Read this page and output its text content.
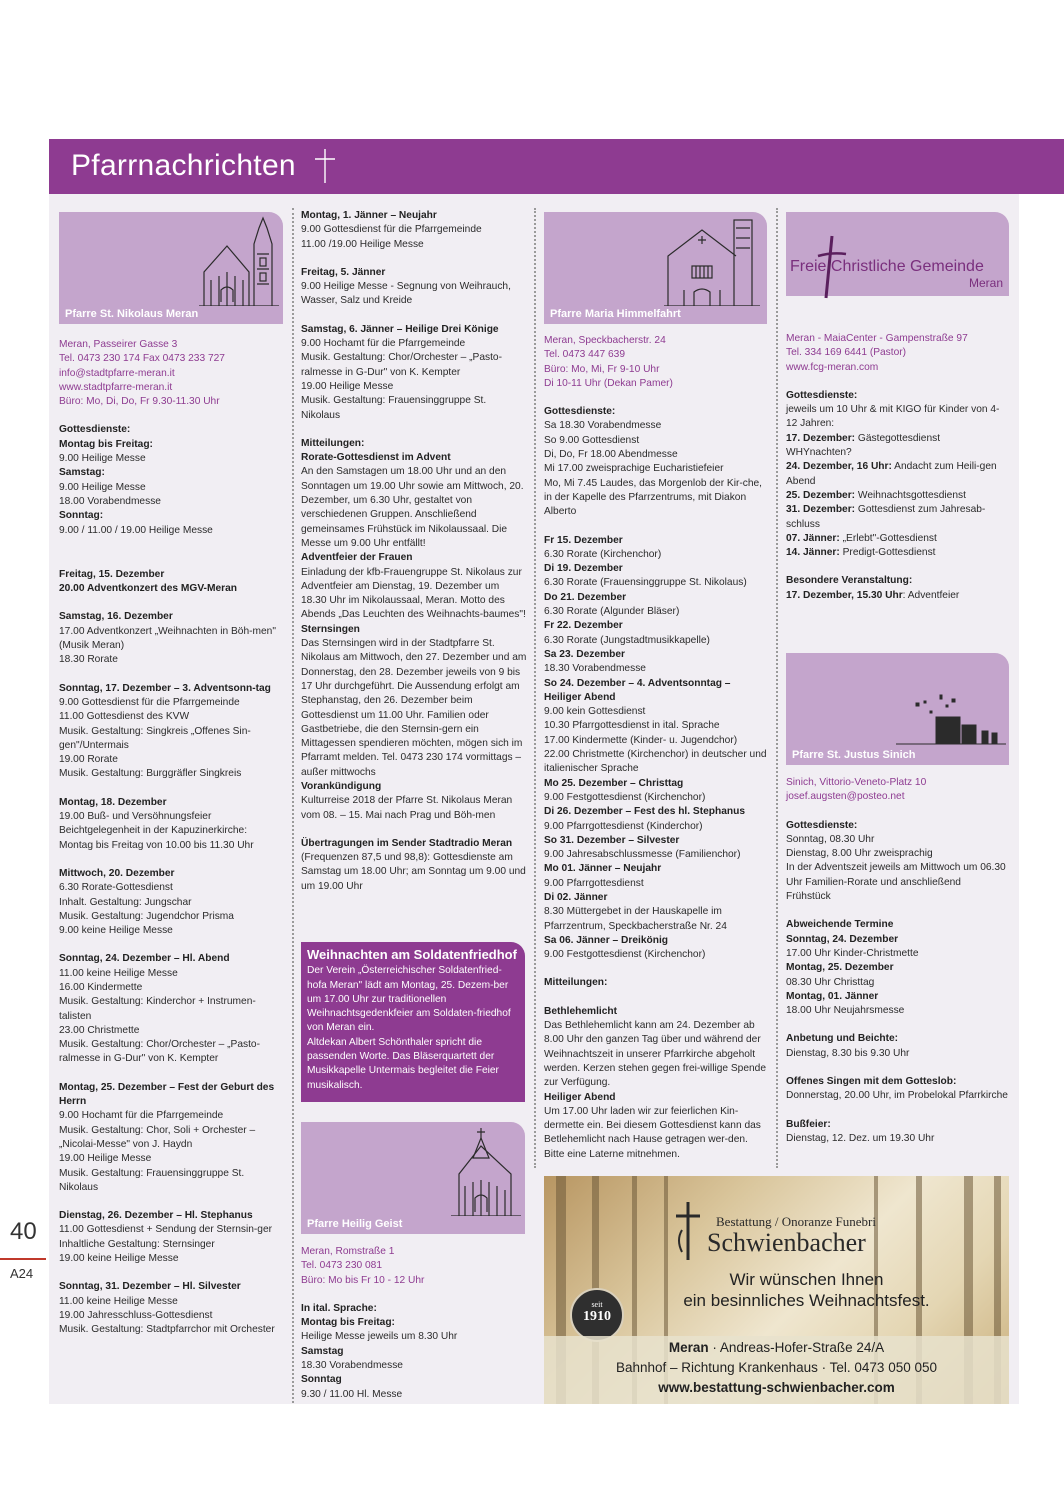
Pfarrnachrichten
Pfarre St. Nikolaus Meran

Meran, Passeirer Gasse 3

Tel. 0473 230 174 Fax 0473 233 727

info@stadtpfarre-meran.it

www.stadtpfarre-meran.it

Büro: Mo, Di, Do, Fr 9.30-11.30 Uhr

Gottesdienste:

Montag bis Freitag:

9.00 Heilige Messe

Samstag:

9.00 Heilige Messe
18.00 Vorabendmesse

Sonntag:

9.00 / 11.00 / 19.00 Heilige Messe

Freitag, 15. Dezember
20.00 Adventkonzert des MGV-Meran

Samstag, 16. Dezember

17.00 Adventkonzert „Weihnachten in Böh-men" (Musik Meran)
18.30 Rorate

Sonntag, 17. Dezember – 3. Adventsonn-tag

9.00 Gottesdienst für die Pfarrgemeinde
11.00 Gottesdienst des KVW
Musik. Gestaltung: Singkreis „Offenes Sin-gen"/Untermais
19.00 Rorate
Musik. Gestaltung: Burggräfler Singkreis

Montag, 18. Dezember

19.00 Buß- und Versöhnungsfeier
Beichtgelegenheit in der Kapuzinerkirche: Montag bis Freitag von 10.00 bis 11.30 Uhr

Mittwoch, 20. Dezember

6.30 Rorate-Gottesdienst
Inhalt. Gestaltung: Jungschar
Musik. Gestaltung: Jugendchor Prisma
9.00 keine Heilige Messe

Sonntag, 24. Dezember – Hl. Abend

11.00 keine Heilige Messe
16.00 Kindermette
Musik. Gestaltung: Kinderchor + Instrumen-talisten
23.00 Christmette
Musik. Gestaltung: Chor/Orchester – „Pasto-ralmesse in G-Dur" von K. Kempter

Montag, 25. Dezember – Fest der Geburt des Herrn

9.00 Hochamt für die Pfarrgemeinde
Musik. Gestaltung: Chor, Soli + Orchester – „Nicolai-Messe" von J. Haydn
19.00 Heilige Messe
Musik. Gestaltung: Frauensinggruppe St. Nikolaus

Dienstag, 26. Dezember – Hl. Stephanus

11.00 Gottesdienst + Sendung der Sternsin-ger
Inhaltliche Gestaltung: Sternsinger
19.00 keine Heilige Messe

Sonntag, 31. Dezember – Hl. Silvester

11.00 keine Heilige Messe
19.00 Jahresschluss-Gottesdienst
Musik. Gestaltung: Stadtpfarrchor mit Orchester

Montag, 1. Jänner – Neujahr

9.00 Gottesdienst für die Pfarrgemeinde
11.00 /19.00 Heilige Messe

Freitag, 5. Jänner

9.00 Heilige Messe - Segnung von Weihrauch, Wasser, Salz und Kreide

Samstag, 6. Jänner – Heilige Drei Könige

9.00 Hochamt für die Pfarrgemeinde
Musik. Gestaltung: Chor/Orchester – „Pasto-ralmesse in G-Dur" von K. Kempter
19.00 Heilige Messe
Musik. Gestaltung: Frauensinggruppe St. Nikolaus

Mitteilungen:

Rorate-Gottesdienst im Advent

An den Samstagen um 18.00 Uhr und an den Sonntagen um 19.00 Uhr sowie am Mittwoch, 20. Dezember, um 6.30 Uhr, gestaltet von verschiedenen Gruppen. Anschließend gemeinsames Frühstück im Nikolaussaal. Die Messe um 9.00 Uhr entfällt!

Adventfeier der Frauen

Einladung der kfb-Frauengruppe St. Nikolaus zur Adventfeier am Dienstag, 19. Dezember um 18.30 Uhr im Nikolaussaal, Meran. Motto des Abends „Das Leuchten des Weihnachts-baumes"!

Sternsingen

Das Sternsingen wird in der Stadtpfarre St. Nikolaus am Mittwoch, den 27. Dezember und am Donnerstag, den 28. Dezember jeweils von 9 bis 17 Uhr durchgeführt. Die Aussendung erfolgt am Stephanstag, den 26. Dezember beim Gottesdienst um 11.00 Uhr. Familien oder Gastbetriebe, die den Sternsin-gern ein Mittagessen spendieren möchten, mögen sich im Pfarramt melden. Tel. 0473 230 174 vormittags – außer mittwochs

Vorankündigung

Kulturreise 2018 der Pfarre St. Nikolaus Meran vom 08. – 15. Mai nach Prag und Böh-men

Übertragungen im Sender Stadtradio Meran (Frequenzen 87,5 und 98,8): Gottesdienste am Samstag um 18.00 Uhr; am Sonntag um 9.00 und um 19.00 Uhr

Weihnachten am Soldatenfriedhof
Der Verein „Österreichischer Soldatenfried-hofa Meran" lädt am Montag, 25. Dezem-ber um 17.00 Uhr zur traditionellen Weihnachtsgedenkfeier am Soldaten-friedhof von Meran ein.
Altdekan Albert Schönthaler spricht die passenden Worte. Das Bläserquartett der Musikkapelle Untermais begleitet die Feier musikalisch.
Pfarre Heilig Geist

Meran, Romstraße 1

Tel. 0473 230 081

Büro: Mo bis Fr 10 - 12 Uhr

In ital. Sprache:
Montag bis Freitag:

Heilige Messe jeweils um 8.30 Uhr

Samstag

18.30 Vorabendmesse

Sonntag

9.30 / 11.00 Hl. Messe

Pfarre Maria Himmelfahrt

Meran, Speckbacherstr. 24

Tel. 0473 447 639

Büro: Mo, Mi, Fr 9-10 Uhr

Di 10-11 Uhr (Dekan Pamer)

Gottesdienste:

Sa 18.30 Vorabendmesse
So 9.00 Gottesdienst
Di, Do, Fr 18.00 Abendmesse
Mi 17.00 zweisprachige Eucharistiefeier
Mo, Mi 7.45 Laudes, das Morgenlob der Kir-che, in der Kapelle des Pfarrzentrums, mit Diakon Alberto

Fr 15. Dezember

6.30 Rorate (Kirchenchor)

Di 19. Dezember

6.30 Rorate (Frauensinggruppe St. Nikolaus)

Do 21. Dezember

6.30 Rorate (Algunder Bläser)

Fr 22. Dezember

6.30 Rorate (Jungstadtmusikkapelle)

Sa 23. Dezember

18.30 Vorabendmesse

So 24. Dezember – 4. Adventsonntag – Heiliger Abend

9.00 kein Gottesdienst
10.30 Pfarrgottesdienst in ital. Sprache
17.00 Kindermette (Kinder- u. Jugendchor)
22.00 Christmette (Kirchenchor) in deutscher und italienischer Sprache

Mo 25. Dezember – Christtag

9.00 Festgottesdienst (Kirchenchor)

Di 26. Dezember – Fest des hl. Stephanus

9.00 Pfarrgottesdienst (Kinderchor)

So 31. Dezember – Silvester

9.00 Jahresabschlussmesse (Familienchor)

Mo 01. Jänner – Neujahr

9.00 Pfarrgottesdienst

Di 02. Jänner

8.30 Müttergebet in der Hauskapelle im Pfarrzentrum, Speckbacherstraße Nr. 24

Sa 06. Jänner – Dreikönig

9.00 Festgottesdienst (Kirchenchor)

Mitteilungen:

Bethlehemlicht

Das Bethlehemlicht kann am 24. Dezember ab 8.00 Uhr den ganzen Tag über und während der Weihnachtszeit in unserer Pfarrkirche abgeholt werden. Kerzen stehen gegen frei-willige Spende zur Verfügung.

Heiliger Abend

Um 17.00 Uhr laden wir zur feierlichen Kin-dermette ein. Bei diesem Gottesdienst kann das Betlehemlicht nach Hause getragen wer-den. Bitte eine Laterne mitnehmen.

Freie Christliche Gemeinde
Meran

Meran - MaiaCenter - Gampenstraße 97

Tel. 334 169 6441 (Pastor)

www.fcg-meran.com

Gottesdienste:

jeweils um 10 Uhr & mit KIGO für Kinder von 4-12 Jahren:

17. Dezember: Gästegottesdienst WHYnachten?

24. Dezember, 16 Uhr: Andacht zum Heili-gen Abend

25. Dezember: Weihnachtsgottesdienst

31. Dezember: Gottesdienst zum Jahresab-schluss

07. Jänner: „Erlebt"-Gottesdienst

14. Jänner: Predigt-Gottesdienst

Besondere Veranstaltung:

17. Dezember, 15.30 Uhr: Adventfeier

Pfarre St. Justus Sinich

Sinich, Vittorio-Veneto-Platz 10

josef.augsten@posteo.net

Gottesdienste:

Sonntag, 08.30 Uhr
Dienstag, 8.00 Uhr zweisprachig
In der Adventszeit jeweils am Mittwoch um 06.30 Uhr Familien-Rorate und anschließend Frühstück

Abweichende Termine

Sonntag, 24. Dezember

17.00 Uhr Kinder-Christmette

Montag, 25. Dezember

08.30 Uhr Christtag

Montag, 01. Jänner

18.00 Uhr Neujahrsmesse

Anbetung und Beichte:

Dienstag, 8.30 bis 9.30 Uhr

Offenes Singen mit dem Gotteslob:

Donnerstag, 20.00 Uhr, im Probelokal Pfarrkirche

Bußfeier:

Dienstag, 12. Dez. um 19.30 Uhr

Bestattung / Onoranze Funebri
Schwienbacher
Wir wünschen Ihnen
ein besinnliches Weihnachtsfest.
seit
1910
Meran · Andreas-Hofer-Straße 24/A
Bahnhof – Richtung Krankenhaus · Tel. 0473 050 050
www.bestattung-schwienbacher.com
40
A24
